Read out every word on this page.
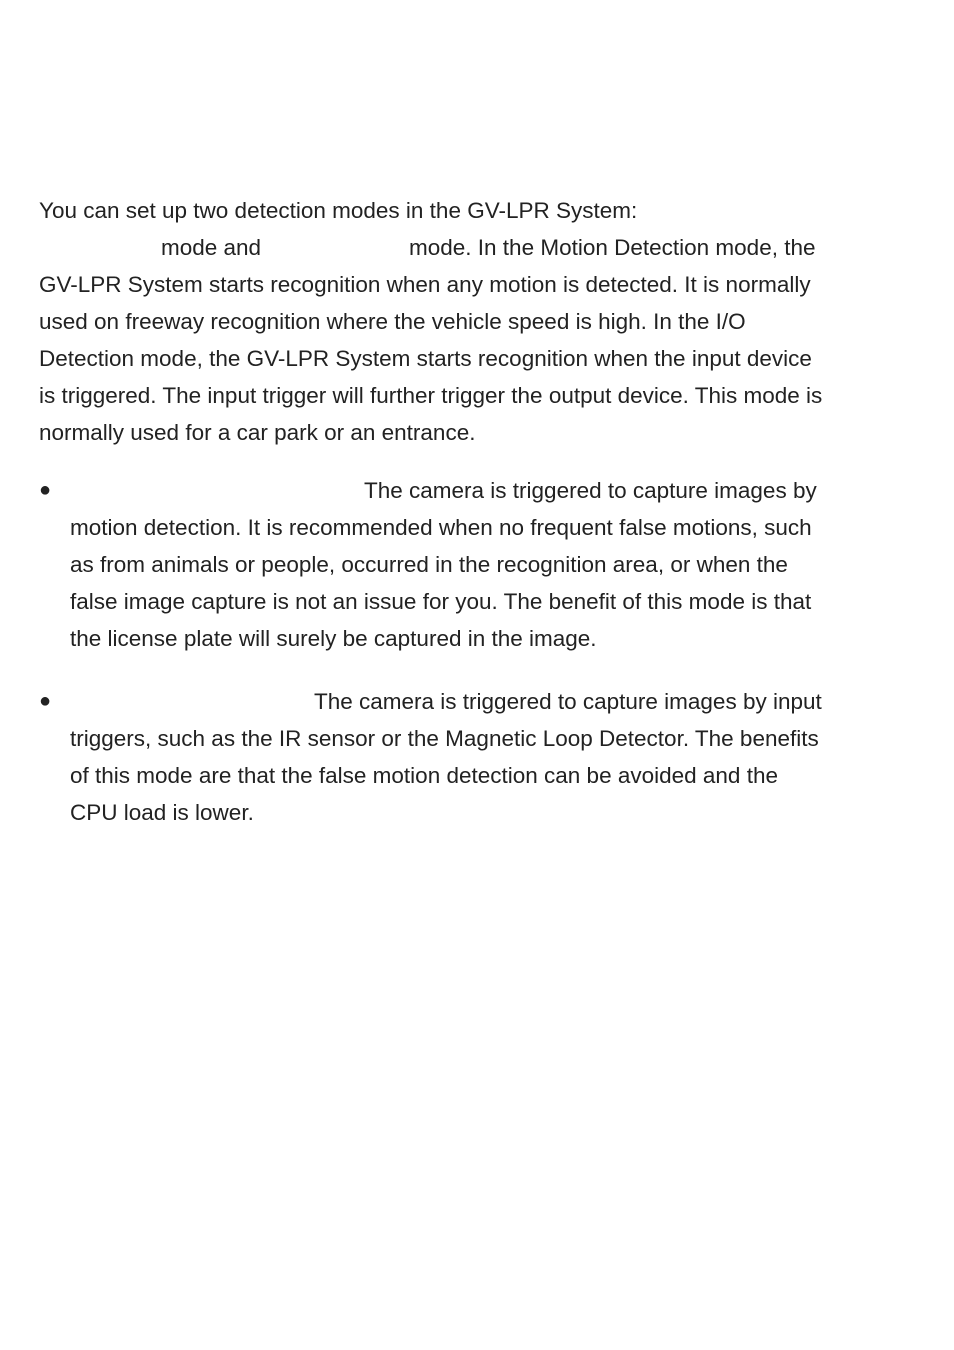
You can set up two detection modes in the GV-LPR System:

mode and	mode. In the Motion Detection mode, the

GV-LPR System starts recognition when any motion is detected. It is normally

used on freeway recognition where the vehicle speed is high. In the I/O

Detection mode, the GV-LPR System starts recognition when the input device

is triggered. The input trigger will further trigger the output device. This mode is

normally used for a car park or an entrance.

●	The camera is triggered to capture images by

motion detection. It is recommended when no frequent false motions, such

as from animals or people, occurred in the recognition area, or when the

false image capture is not an issue for you. The benefit of this mode is that

the license plate will surely be captured in the image.

●	The camera is triggered to capture images by input

triggers, such as the IR sensor or the Magnetic Loop Detector. The benefits

of this mode are that the false motion detection can be avoided and the

CPU load is lower.
